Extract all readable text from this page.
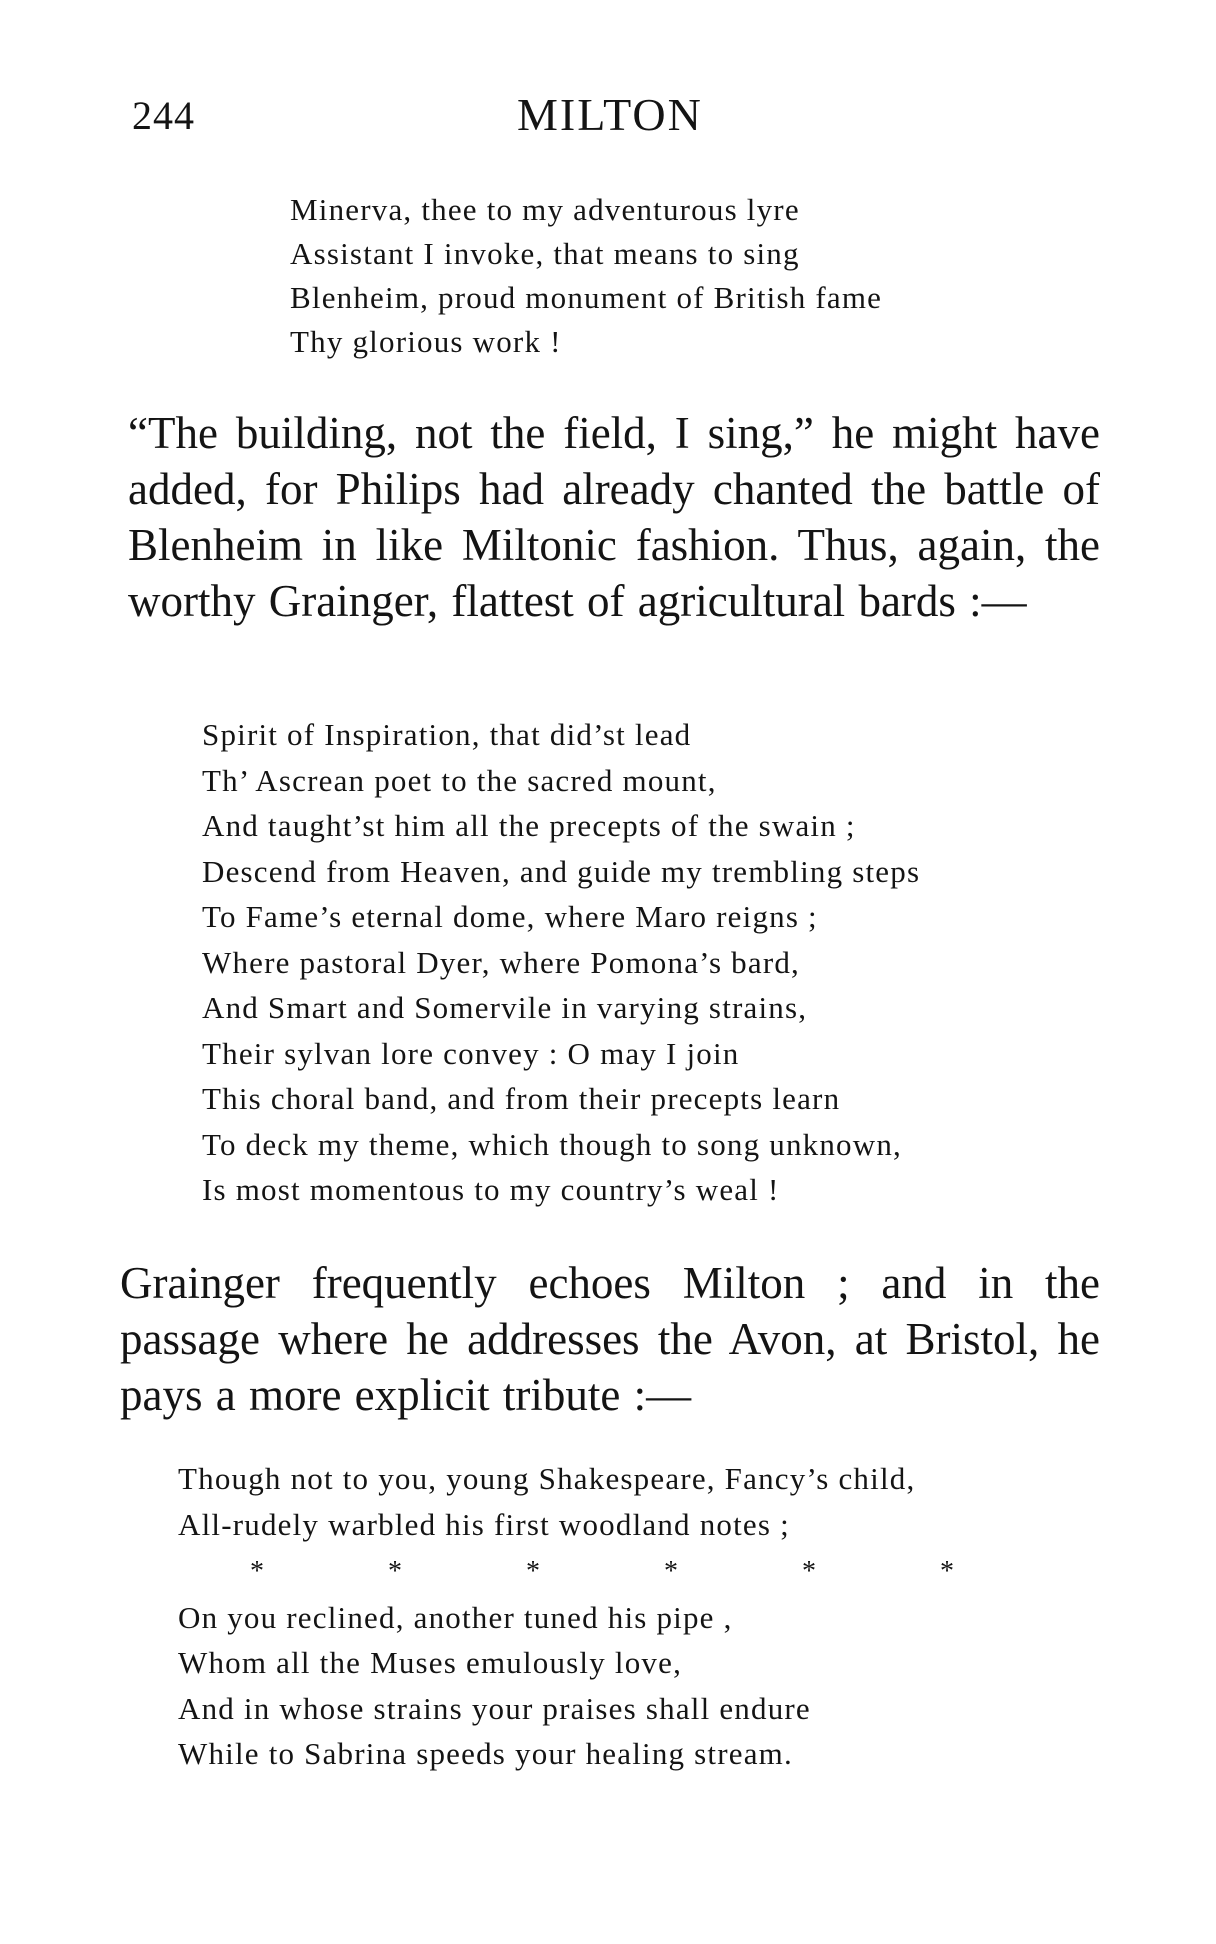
244	MILTON
Minerva, thee to my adventurous lyre
Assistant I invoke, that means to sing
Blenheim, proud monument of British fame
Thy glorious work !

“The building, not the field, I sing,” he might have added, for Philips had already chanted the battle of Blenheim in like Miltonic fashion. Thus, again, the worthy Grainger, flattest of agricultural bards :—

Spirit of Inspiration, that did’st lead
Th’ Ascrean poet to the sacred mount,
And taught’st him all the precepts of the swain ;
Descend from Heaven, and guide my trembling steps
To Fame’s eternal dome, where Maro reigns ;
Where pastoral Dyer, where Pomona’s bard,
And Smart and Somervile in varying strains,
Their sylvan lore convey : O may I join
This choral band, and from their precepts learn
To deck my theme, which though to song unknown,
Is most momentous to my country’s weal !

Grainger frequently echoes Milton ; and in the passage where he addresses the Avon, at Bristol, he pays a more explicit tribute :—

Though not to you, young Shakespeare, Fancy’s child,
All-rudely warbled his first woodland notes ;
*	*	*	*	*	*
On you reclined, another tuned his pipe ,
Whom all the Muses emulously love,
And in whose strains your praises shall endure
While to Sabrina speeds your healing stream.
